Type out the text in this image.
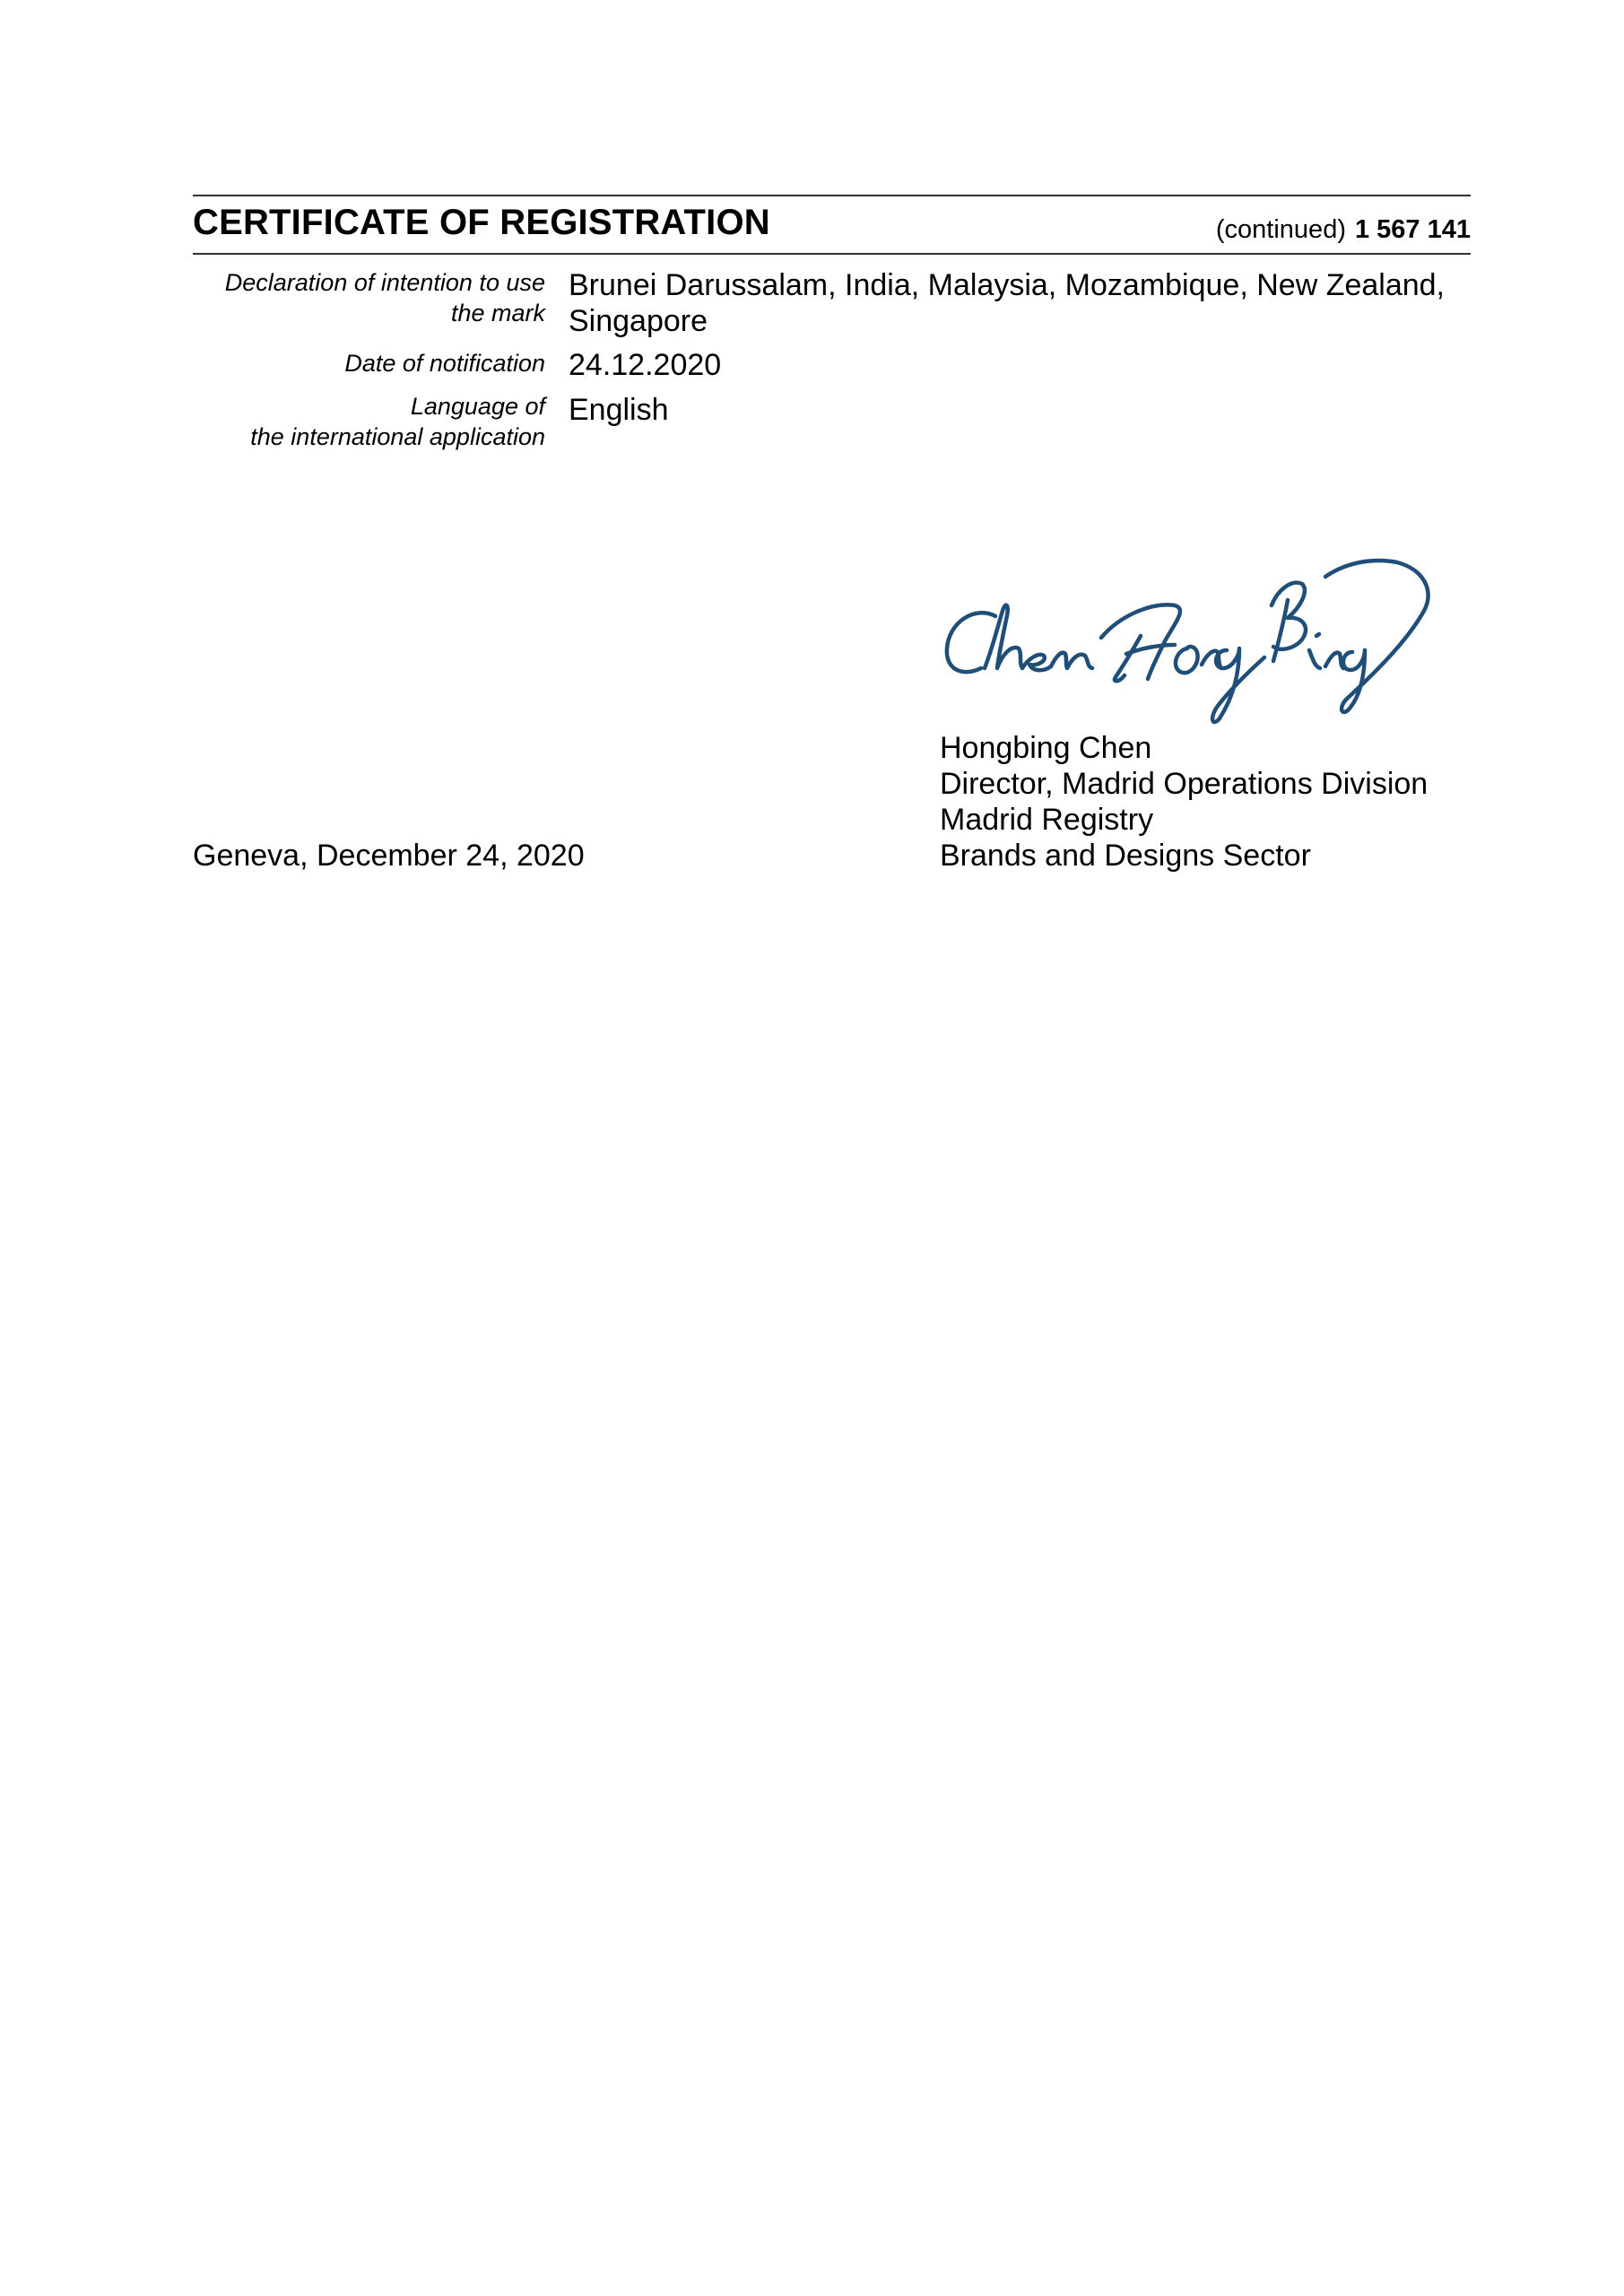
CERTIFICATE OF REGISTRATION	(continued) 1 567 141
Declaration of intention to use
the mark
Brunei Darussalam, India, Malaysia, Mozambique, New Zealand, Singapore
Date of notification 24.12.2020
Language of
the international application
English
Hongbing Chen
Director, Madrid Operations Division
Madrid Registry
Brands and Designs Sector
Geneva, December 24, 2020
